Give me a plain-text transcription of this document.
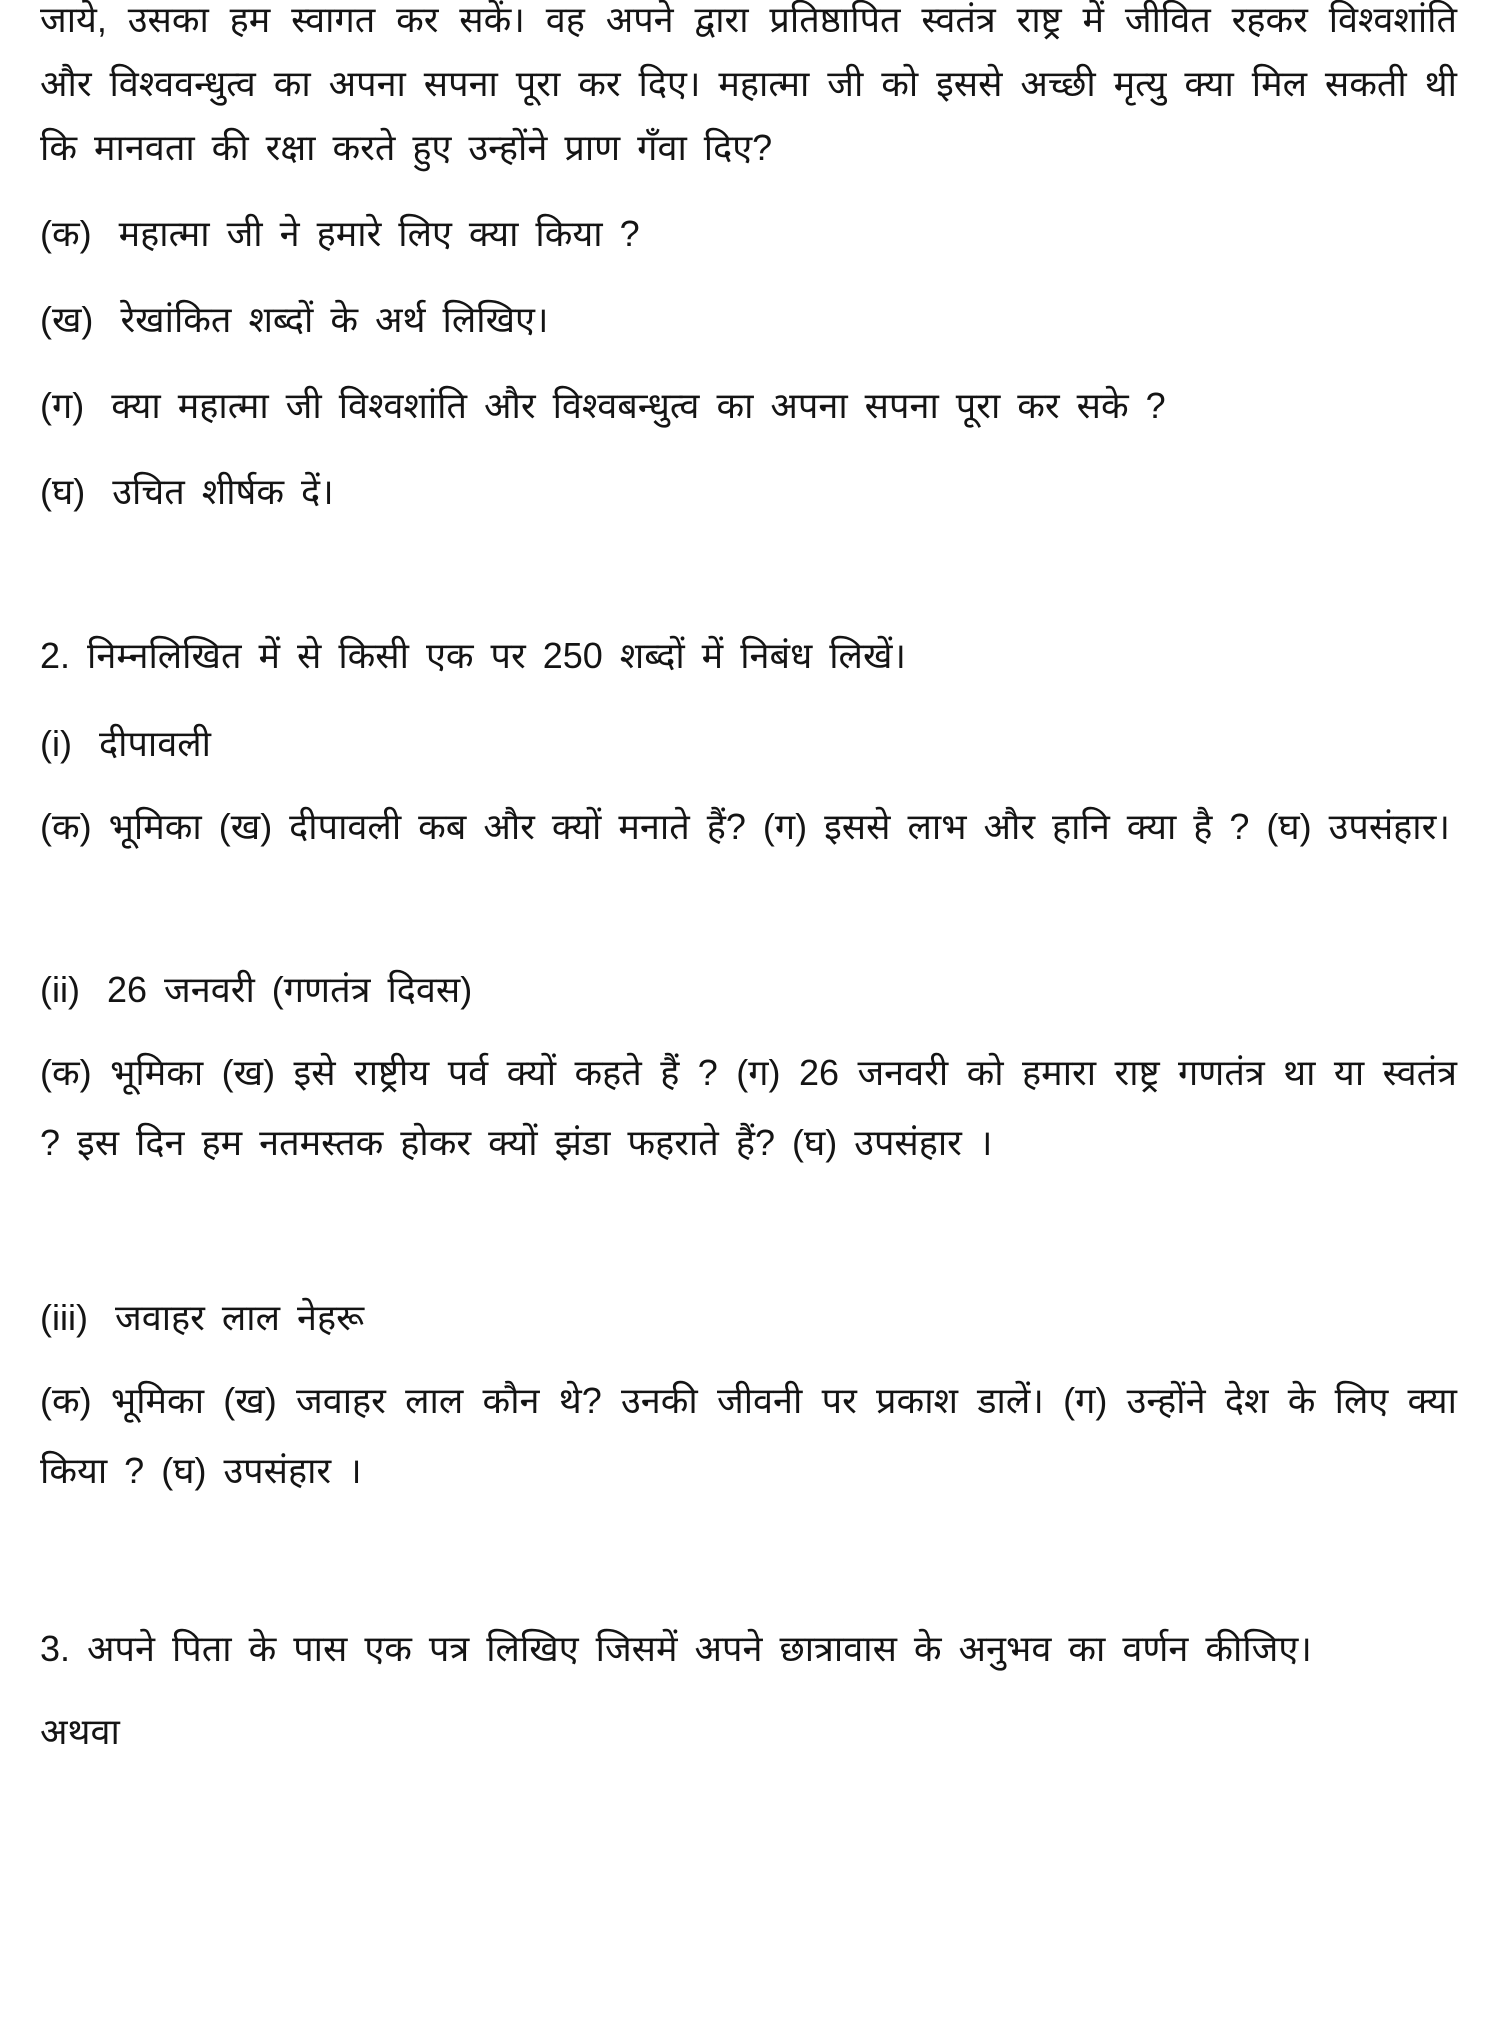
जाये, उसका हम स्वागत कर सकें। वह अपने द्वारा प्रतिष्ठापित स्वतंत्र राष्ट्र में जीवित रहकर विश्वशांति और विश्ववन्धुत्व का अपना सपना पूरा कर दिए। महात्मा जी को इससे अच्छी मृत्यु क्या मिल सकती थी कि मानवता की रक्षा करते हुए उन्होंने प्राण गँवा दिए?

(क) महात्मा जी ने हमारे लिए क्या किया ?

(ख) रेखांकित शब्दों के अर्थ लिखिए।

(ग) क्या महात्मा जी विश्वशांति और विश्वबन्धुत्व का अपना सपना पूरा कर सके ?

(घ) उचित शीर्षक दें।

2. निम्नलिखित में से किसी एक पर 250 शब्दों में निबंध लिखें।

(i) दीपावली

(क) भूमिका (ख) दीपावली कब और क्यों मनाते हैं? (ग) इससे लाभ और हानि क्या है ? (घ) उपसंहार।

(ii) 26 जनवरी (गणतंत्र दिवस)

(क) भूमिका (ख) इसे राष्ट्रीय पर्व क्यों कहते हैं ? (ग) 26 जनवरी को हमारा राष्ट्र गणतंत्र था या स्वतंत्र ? इस दिन हम नतमस्तक होकर क्यों झंडा फहराते हैं? (घ) उपसंहार ।

(iii) जवाहर लाल नेहरू

(क) भूमिका (ख) जवाहर लाल कौन थे? उनकी जीवनी पर प्रकाश डालें। (ग) उन्होंने देश के लिए क्या किया ? (घ) उपसंहार ।

3. अपने पिता के पास एक पत्र लिखिए जिसमें अपने छात्रावास के अनुभव का वर्णन कीजिए।

अथवा
